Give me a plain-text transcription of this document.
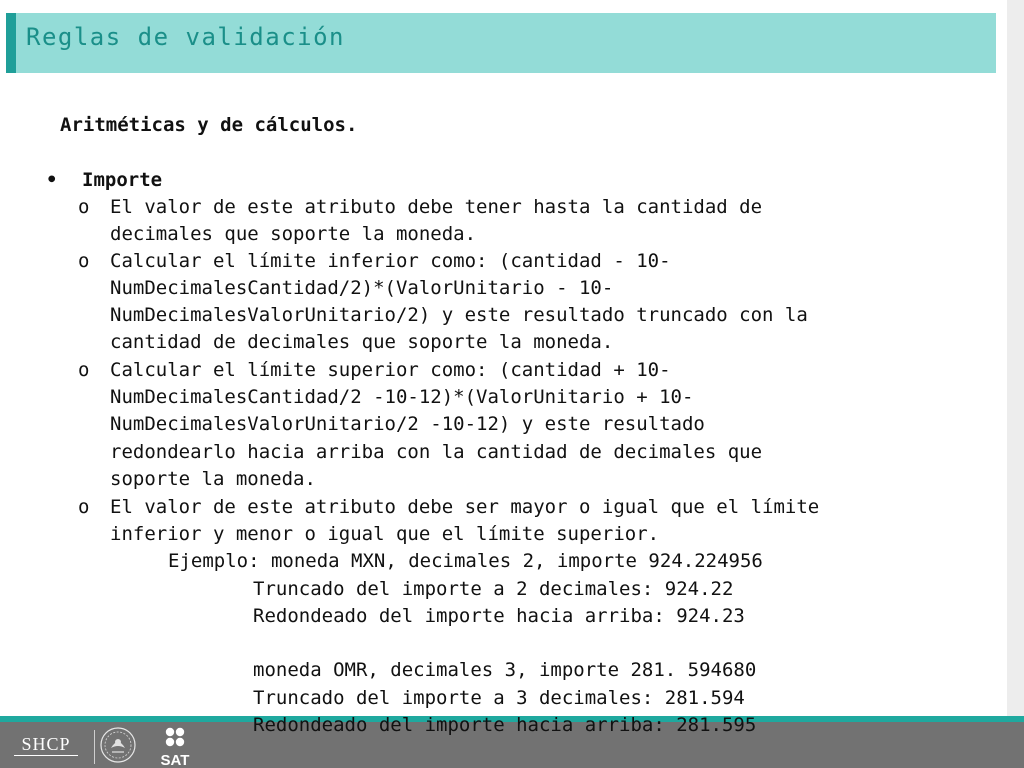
Reglas de validación
Aritméticas y de cálculos.
• Importe
o El valor de este atributo debe tener hasta la cantidad de
decimales que soporte la moneda.
o Calcular el límite inferior como: (cantidad - 10-
NumDecimalesCantidad/2)*(ValorUnitario - 10-
NumDecimalesValorUnitario/2) y este resultado truncado con la
cantidad de decimales que soporte la moneda.
o Calcular el límite superior como: (cantidad + 10-
NumDecimalesCantidad/2 -10-12)*(ValorUnitario + 10-
NumDecimalesValorUnitario/2 -10-12) y este resultado
redondearlo hacia arriba con la cantidad de decimales que
soporte la moneda.
o El valor de este atributo debe ser mayor o igual que el límite
inferior y menor o igual que el límite superior.
Ejemplo: moneda MXN, decimales 2, importe 924.224956
Truncado del importe a 2 decimales: 924.22
Redondeado del importe hacia arriba: 924.23
moneda OMR, decimales 3, importe 281. 594680
Truncado del importe a 3 decimales: 281.594
Redondeado del importe hacia arriba: 281.595
SHCP
SAT
